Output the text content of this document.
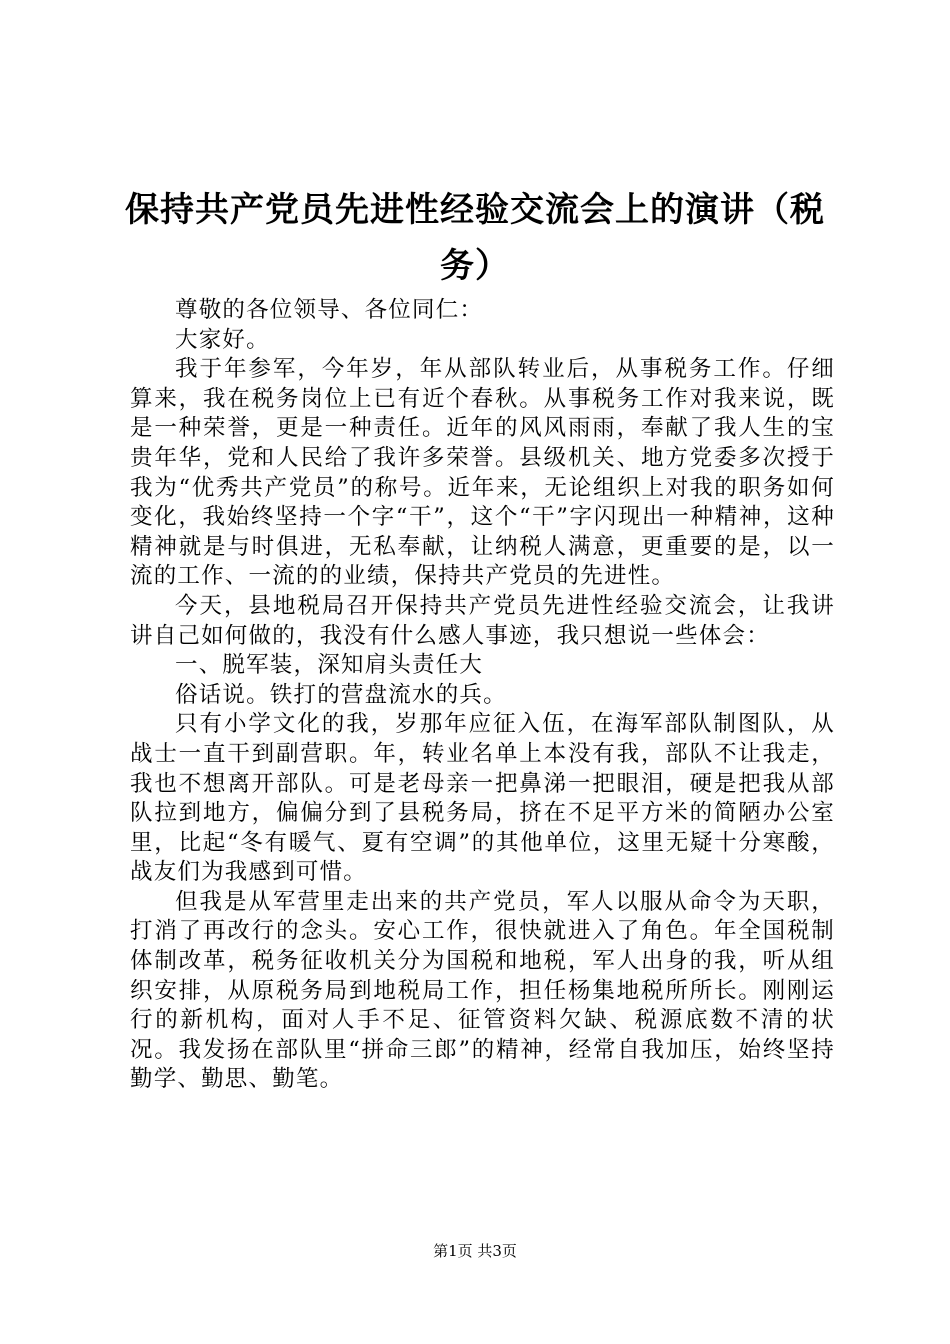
保持共产党员先进性经验交流会上的演讲（税务）

尊敬的各位领导、各位同仁：

大家好。

我于年参军，今年岁，年从部队转业后，从事税务工作。仔细算来，我在税务岗位上已有近个春秋。从事税务工作对我来说，既是一种荣誉，更是一种责任。近年的风风雨雨，奉献了我人生的宝贵年华，党和人民给了我许多荣誉。县级机关、地方党委多次授于我为“优秀共产党员”的称号。近年来，无论组织上对我的职务如何变化，我始终坚持一个字“干”，这个“干”字闪现出一种精神，这种精神就是与时俱进，无私奉献，让纳税人满意，更重要的是，以一流的工作、一流的的业绩，保持共产党员的先进性。

今天，县地税局召开保持共产党员先进性经验交流会，让我讲讲自己如何做的，我没有什么感人事迹，我只想说一些体会：

一、脱军装，深知肩头责任大

俗话说。铁打的营盘流水的兵。

只有小学文化的我，岁那年应征入伍，在海军部队制图队，从战士一直干到副营职。年，转业名单上本没有我，部队不让我走，我也不想离开部队。可是老母亲一把鼻涕一把眼泪，硬是把我从部队拉到地方，偏偏分到了县税务局，挤在不足平方米的简陋办公室里，比起“冬有暖气、夏有空调”的其他单位，这里无疑十分寒酸，战友们为我感到可惜。

但我是从军营里走出来的共产党员，军人以服从命令为天职，打消了再改行的念头。安心工作，很快就进入了角色。年全国税制体制改革，税务征收机关分为国税和地税，军人出身的我，听从组织安排，从原税务局到地税局工作，担任杨集地税所所长。刚刚运行的新机构，面对人手不足、征管资料欠缺、税源底数不清的状况。我发扬在部队里“拼命三郎”的精神，经常自我加压，始终坚持勤学、勤思、勤笔。

第1页 共3页
